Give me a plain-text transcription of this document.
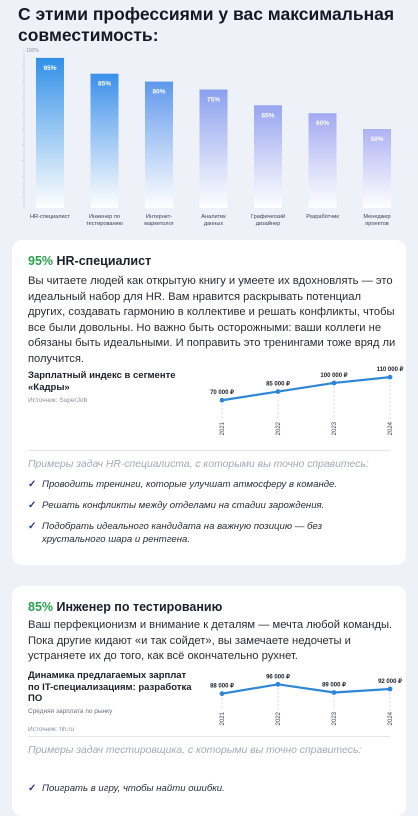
С этими профессиями у вас максимальная совместимость:
100%
95%
HR-специалист
85%
Инженер по
тестированию
80%
Интернет-
маркетолог
75%
Аналитик
данных
65%
Графический
дизайнер
60%
Разработчик
50%
Менеджер
проектов
95% HR-специалист
Вы читаете людей как открытую книгу и умеете их вдохновлять — это идеальный набор для HR. Вам нравится раскрывать потенциал других, создавать гармонию в коллективе и решать конфликты, чтобы все были довольны. Но важно быть осторожными: ваши коллеги не обязаны быть идеальными. И поправить это тренингами тоже вряд ли получится.
Зарплатный индекс в сегменте «Кадры»
Источник: SuperJob
70 000 ₽
2021
85 000 ₽
2022
100 000 ₽
2023
110 000 ₽
2024
Примеры задач HR-специалиста, с которыми вы точно справитесь:
✓ Проводить тренинги, которые улучшат атмосферу в команде.
✓ Решать конфликты между отделами на стадии зарождения.
✓ Подобрать идеального кандидата на важную позицию — без хрустального шара и рентгена.
85% Инженер по тестированию
Ваш перфекционизм и внимание к деталям — мечта любой команды. Пока другие кидают «и так сойдет», вы замечаете недочеты и устраняете их до того, как всё окончательно рухнет.
Динамика предлагаемых зарплат по IT-специализациям: разработка ПО
Средняя зарплата по рынку
Источник: hh.ru
88 000 ₽
2021
96 000 ₽
2022
89 000 ₽
2023
92 000 ₽
2024
Примеры задач тестировщика, с которыми вы точно справитесь:
✓ Поиграть в игру, чтобы найти ошибки.
